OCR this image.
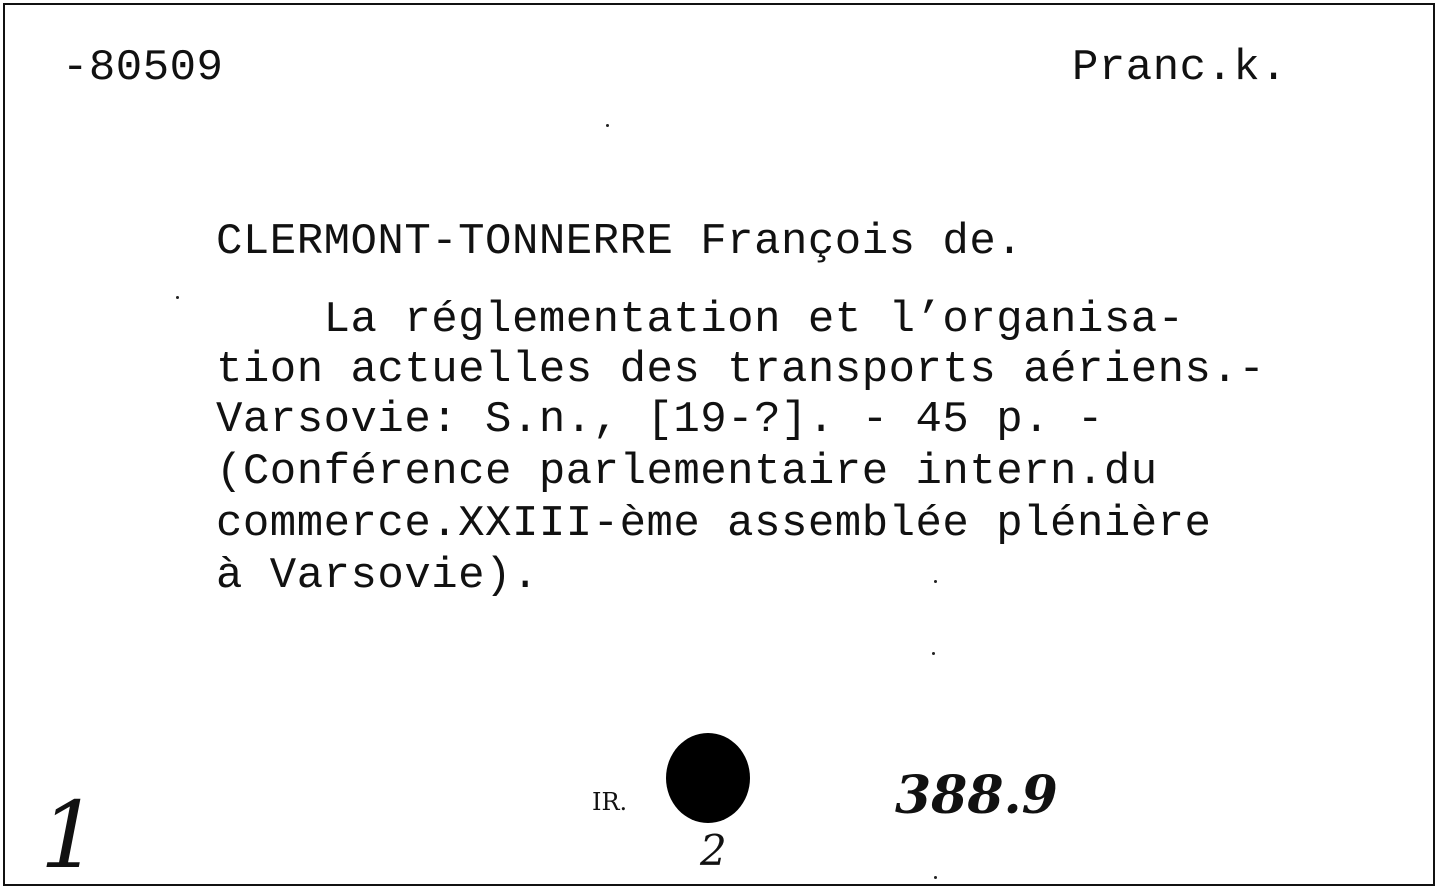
-80509	Pranc.k.
CLERMONT-TONNERRE François de.
La réglementation et l’organisa-
tion actuelles des transports aériens.-
Varsovie: S.n., [19-?]. - 45 p. -
(Conférence parlementaire intern.du
commerce.XXIII-ème assemblée plénière
à Varsovie).
1	388.9
IR.
2
